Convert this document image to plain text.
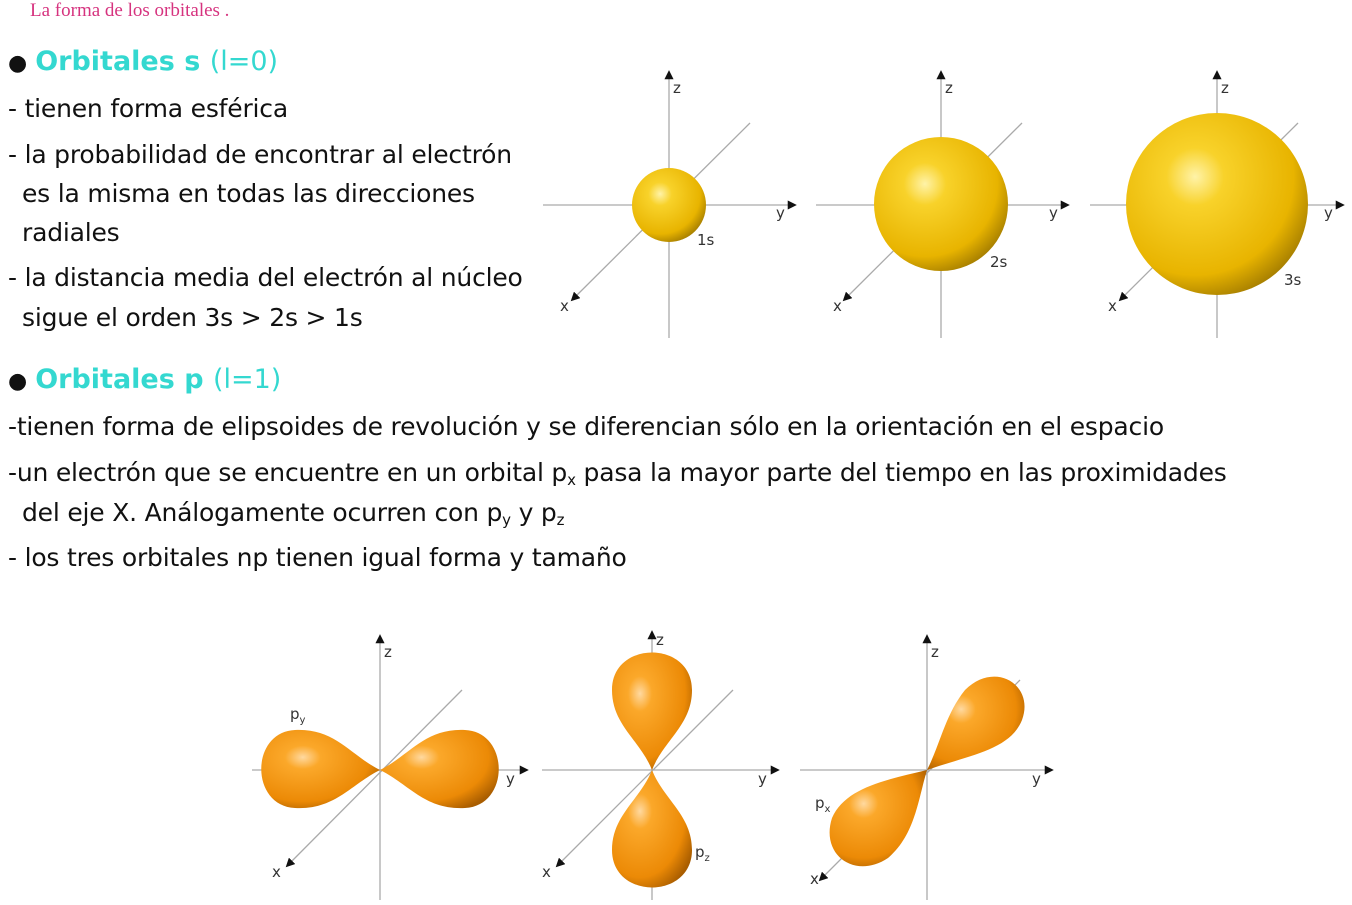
La forma de los orbitales .
● Orbitales s (l=0)
- tienen forma esférica
- la probabilidad de encontrar al electrón
es la misma en todas las direcciones
radiales
- la distancia media del electrón al núcleo
sigue el orden 3s > 2s > 1s
● Orbitales p (l=1)
-tienen forma de elipsoides de revolución y se diferencian sólo en la orientación en el espacio
-un electrón que se encuentre en un orbital $p_x$ pasa la mayor parte del tiempo en las proximidades
del eje X. Análogamente ocurren con $p_y$ y $p_z$
- los tres orbitales np tienen igual forma y tamaño
z
y
x
1s
z
y
x
2s
z
y
x
3s
z
y
x
$p_y$
z
y
x
$p_z$
z
y
x
$p_x$
